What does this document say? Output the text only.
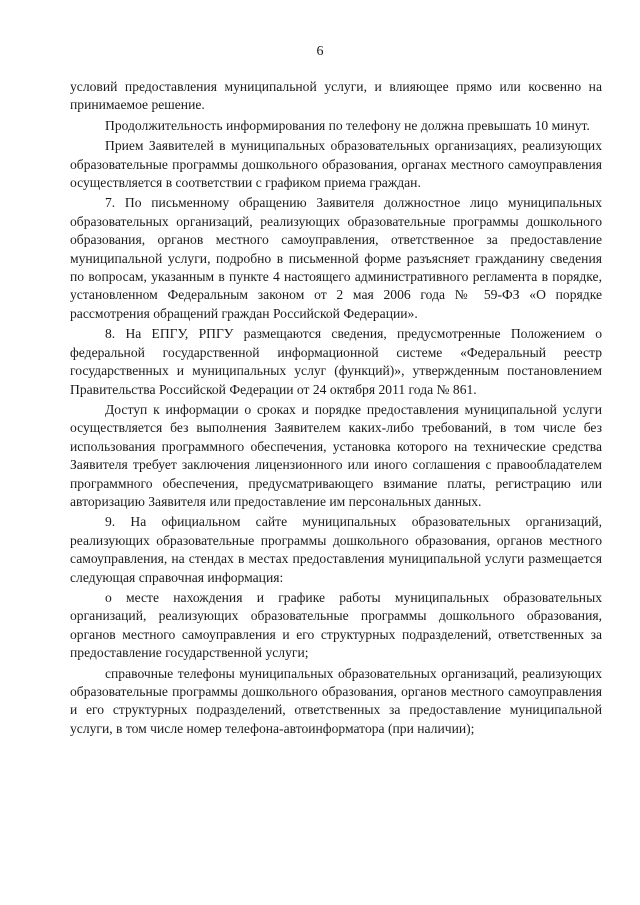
6

условий предоставления муниципальной услуги, и влияющее прямо или косвенно на принимаемое решение.

Продолжительность информирования по телефону не должна превышать 10 минут.

Прием Заявителей в муниципальных образовательных организациях, реализующих образовательные программы дошкольного образования, органах местного самоуправления осуществляется в соответствии с графиком приема граждан.

7. По письменному обращению Заявителя должностное лицо муниципальных образовательных организаций, реализующих образовательные программы дошкольного образования, органов местного самоуправления, ответственное за предоставление муниципальной услуги, подробно в письменной форме разъясняет гражданину сведения по вопросам, указанным в пункте 4 настоящего административного регламента в порядке, установленном Федеральным законом от 2 мая 2006 года № 59-ФЗ «О порядке рассмотрения обращений граждан Российской Федерации».

8. На ЕПГУ, РПГУ размещаются сведения, предусмотренные Положением о федеральной государственной информационной системе «Федеральный реестр государственных и муниципальных услуг (функций)», утвержденным постановлением Правительства Российской Федерации от 24 октября 2011 года № 861.

Доступ к информации о сроках и порядке предоставления муниципальной услуги осуществляется без выполнения Заявителем каких-либо требований, в том числе без использования программного обеспечения, установка которого на технические средства Заявителя требует заключения лицензионного или иного соглашения с правообладателем программного обеспечения, предусматривающего взимание платы, регистрацию или авторизацию Заявителя или предоставление им персональных данных.

9. На официальном сайте муниципальных образовательных организаций, реализующих образовательные программы дошкольного образования, органов местного самоуправления, на стендах в местах предоставления муниципальной услуги размещается следующая справочная информация:

о месте нахождения и графике работы муниципальных образовательных организаций, реализующих образовательные программы дошкольного образования, органов местного самоуправления и его структурных подразделений, ответственных за предоставление государственной услуги;

справочные телефоны муниципальных образовательных организаций, реализующих образовательные программы дошкольного образования, органов местного самоуправления и его структурных подразделений, ответственных за предоставление муниципальной услуги, в том числе номер телефона-автоинформатора (при наличии);
